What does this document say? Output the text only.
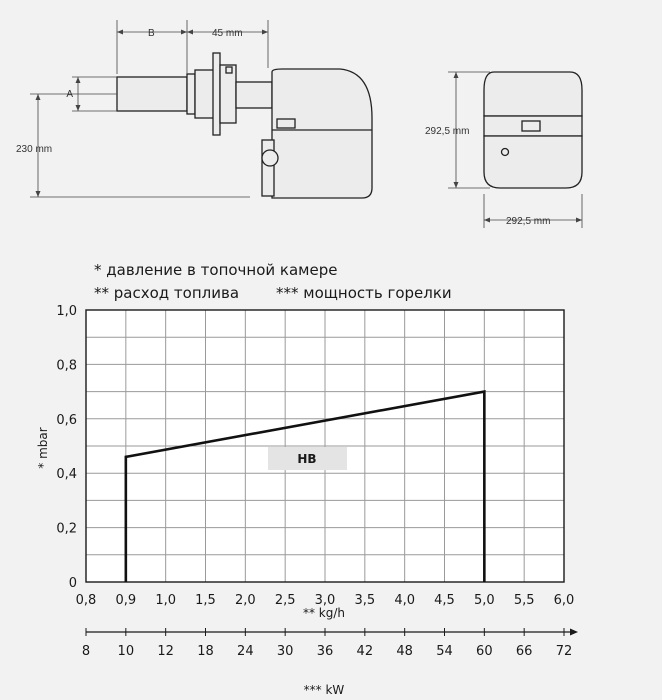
B	45 mm
A
230 mm
292,5 mm
292,5 mm
* давление в топочной камере
** расход топлива *** мощность горелки
0
0,2
0,4
0,6
0,8
1,0
0,8 0,9 1,0 1,5 2,0 2,5 3,0 3,5 4,0 4,5 5,0 5,5 6,0
8 10 12 18 24 30 36 42 48 54 60 66 72
HB
* mbar
** kg/h
*** kW
